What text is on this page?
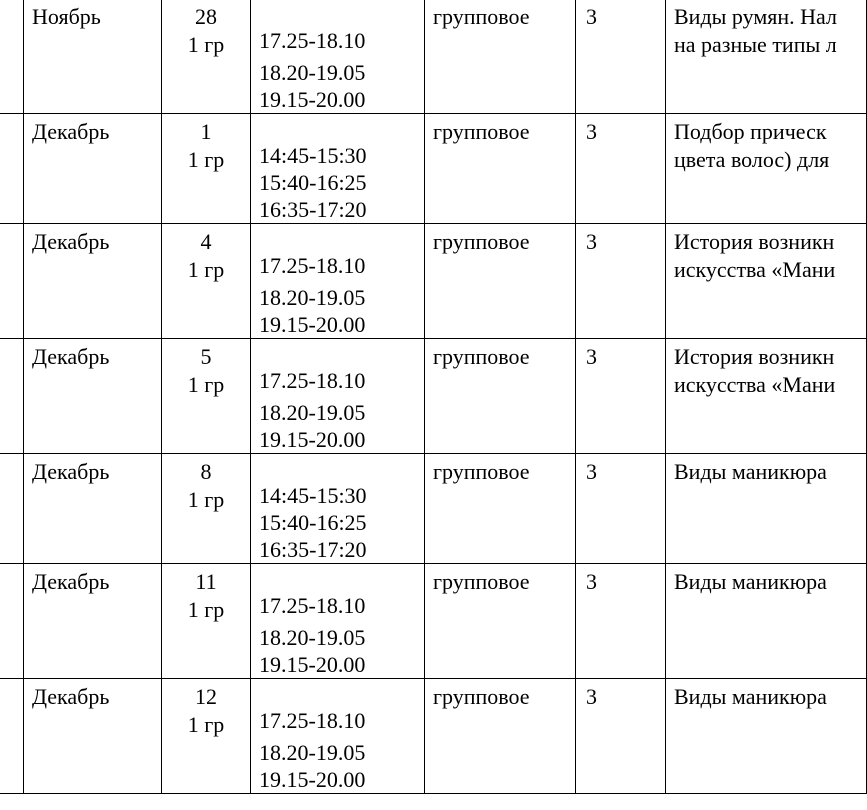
	Ноябрь	28
1 гр	17.25-18.10
18.20-19.05
19.15-20.00	групповое	3	Виды румян. Нал
на разные типы л

	Декабрь	1
1 гр	14:45-15:30
15:40-16:25
16:35-17:20	групповое	3	Подбор прическ
цвета волос) для

	Декабрь	4
1 гр	17.25-18.10
18.20-19.05
19.15-20.00	групповое	3	История возникн
искусства «Мани

	Декабрь	5
1 гр	17.25-18.10
18.20-19.05
19.15-20.00	групповое	3	История возникн
искусства «Мани

	Декабрь	8
1 гр	14:45-15:30
15:40-16:25
16:35-17:20	групповое	3	Виды маникюра

	Декабрь	11
1 гр	17.25-18.10
18.20-19.05
19.15-20.00	групповое	3	Виды маникюра

	Декабрь	12
1 гр	17.25-18.10
18.20-19.05
19.15-20.00	групповое	3	Виды маникюра
